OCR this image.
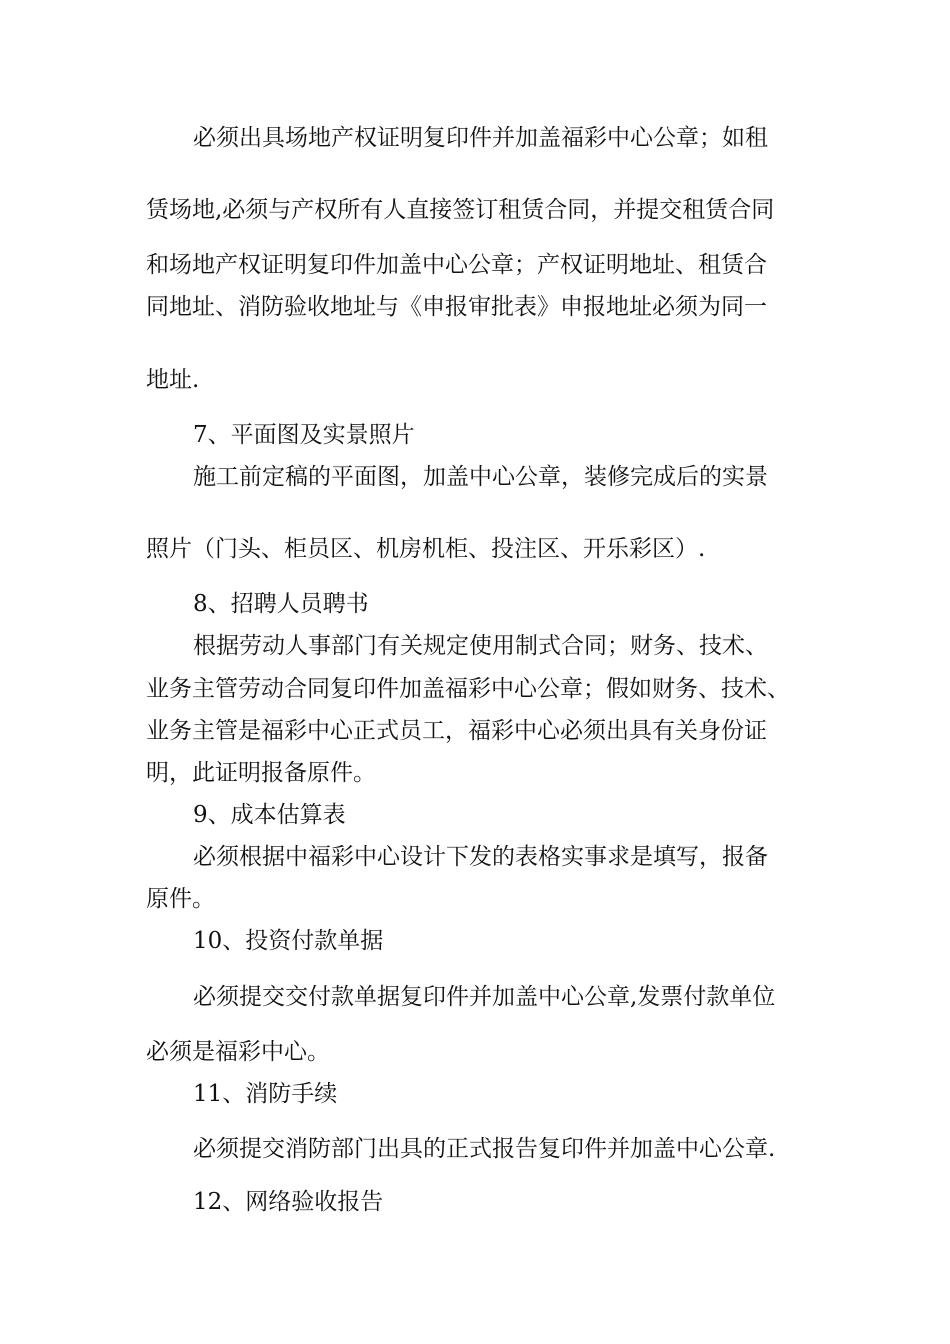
必须出具场地产权证明复印件并加盖福彩中心公章；如租
赁场地,必须与产权所有人直接签订租赁合同，并提交租赁合同
和场地产权证明复印件加盖中心公章；产权证明地址、租赁合
同地址、消防验收地址与《申报审批表》申报地址必须为同一
地址.
7、平面图及实景照片
施工前定稿的平面图，加盖中心公章，装修完成后的实景
照片（门头、柜员区、机房机柜、投注区、开乐彩区）.
8、招聘人员聘书
根据劳动人事部门有关规定使用制式合同；财务、技术、
业务主管劳动合同复印件加盖福彩中心公章；假如财务、技术、
业务主管是福彩中心正式员工，福彩中心必须出具有关身份证
明，此证明报备原件。
9、成本估算表
必须根据中福彩中心设计下发的表格实事求是填写，报备
原件。
10、投资付款单据
必须提交交付款单据复印件并加盖中心公章,发票付款单位
必须是福彩中心。
11、消防手续
必须提交消防部门出具的正式报告复印件并加盖中心公章.
12、网络验收报告
